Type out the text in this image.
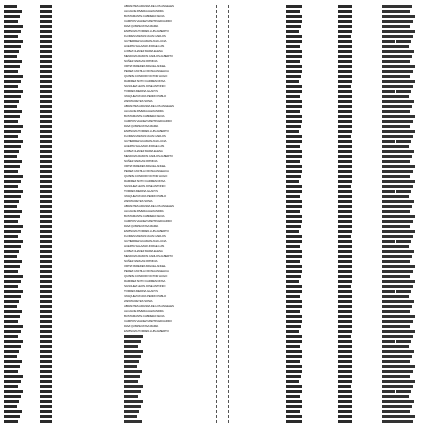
ABRANTES ARANDA DE LOS ANGELES
ALCALDE RIVERA ALEXANDRA
BUSTAMANTE CABRERA SILVIA
CAMPOS VALDEZ MARTIN EDUARDO
DIAZ QUISPE ROSA MARIA
ESPINOZA TORRES LUIS ALBERTO
FLORES MAMANI JUAN CARLOS
GUTIERREZ HUAMAN ANA LUCIA
HUERTA SALAZAR JORGE LUIS
LOPEZ CHAVEZ MARIA ELENA
MENDOZA RAMOS CARLOS ALBERTO
NUÑEZ VARGAS PATRICIA
ORTIZ PAREDES MIGUEL ANGEL
PEREZ CASTILLO ROSA ANGELICA
QUISPE CONDORI VICTOR HUGO
RAMIREZ SOTO CARMEN ROSA
SANCHEZ LEON JOSE ANTONIO
TORRES MEDINA GLADYS
VASQUEZ ROJAS PEDRO PABLO
ZAPATA REYES SONIA
ABRANTES ARANDA DE LOS ANGELES
ALCALDE RIVERA ALEXANDRA
BUSTAMANTE CABRERA SILVIA
CAMPOS VALDEZ MARTIN EDUARDO
DIAZ QUISPE ROSA MARIA
ESPINOZA TORRES LUIS ALBERTO
FLORES MAMANI JUAN CARLOS
GUTIERREZ HUAMAN ANA LUCIA
HUERTA SALAZAR JORGE LUIS
LOPEZ CHAVEZ MARIA ELENA
MENDOZA RAMOS CARLOS ALBERTO
NUÑEZ VARGAS PATRICIA
ORTIZ PAREDES MIGUEL ANGEL
PEREZ CASTILLO ROSA ANGELICA
QUISPE CONDORI VICTOR HUGO
RAMIREZ SOTO CARMEN ROSA
SANCHEZ LEON JOSE ANTONIO
TORRES MEDINA GLADYS
VASQUEZ ROJAS PEDRO PABLO
ZAPATA REYES SONIA
ABRANTES ARANDA DE LOS ANGELES
ALCALDE RIVERA ALEXANDRA
BUSTAMANTE CABRERA SILVIA
CAMPOS VALDEZ MARTIN EDUARDO
DIAZ QUISPE ROSA MARIA
ESPINOZA TORRES LUIS ALBERTO
FLORES MAMANI JUAN CARLOS
GUTIERREZ HUAMAN ANA LUCIA
HUERTA SALAZAR JORGE LUIS
LOPEZ CHAVEZ MARIA ELENA
MENDOZA RAMOS CARLOS ALBERTO
NUÑEZ VARGAS PATRICIA
ORTIZ PAREDES MIGUEL ANGEL
PEREZ CASTILLO ROSA ANGELICA
QUISPE CONDORI VICTOR HUGO
RAMIREZ SOTO CARMEN ROSA
SANCHEZ LEON JOSE ANTONIO
TORRES MEDINA GLADYS
VASQUEZ ROJAS PEDRO PABLO
ZAPATA REYES SONIA
ABRANTES ARANDA DE LOS ANGELES
ALCALDE RIVERA ALEXANDRA
BUSTAMANTE CABRERA SILVIA
CAMPOS VALDEZ MARTIN EDUARDO
DIAZ QUISPE ROSA MARIA
ESPINOZA TORRES LUIS ALBERTO
